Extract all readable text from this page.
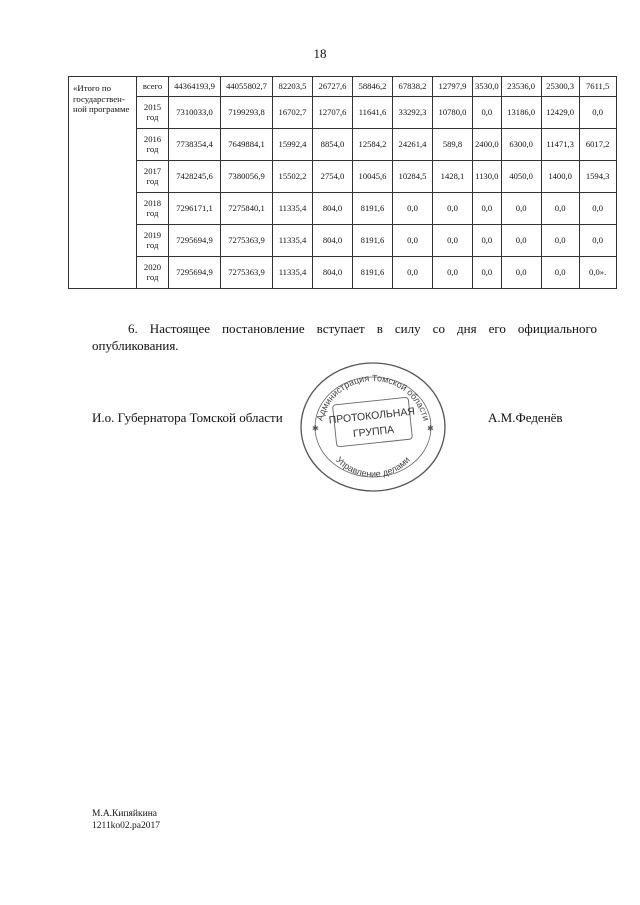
18
«Итого по государствен-ной программе	всего	44364193,9	44055802,7	82203,5	26727,6	58846,2	67838,2	12797,9	3530,0	23536,0	25300,3	7611,5
	2015 год	7310033,0	7199293,8	16702,7	12707,6	11641,6	33292,3	10780,0	0,0	13186,0	12429,0	0,0
	2016 год	7738354,4	7649884,1	15992,4	8854,0	12584,2	24261,4	589,8	2400,0	6300,0	11471,3	6017,2
	2017 год	7428245,6	7380056,9	15502,2	2754,0	10045,6	10284,5	1428,1	1130,0	4050,0	1400,0	1594,3
	2018 год	7296171,1	7275840,1	11335,4	804,0	8191,6	0,0	0,0	0,0	0,0	0,0	0,0
	2019 год	7295694,9	7275363,9	11335,4	804,0	8191,6	0,0	0,0	0,0	0,0	0,0	0,0
	2020 год	7295694,9	7275363,9	11335,4	804,0	8191,6	0,0	0,0	0,0	0,0	0,0	0,0».
6. Настоящее постановление вступает в силу со дня его официального
опубликования.
И.о. Губернатора Томской области	А.М.Феденёв
Администрация Томской области
Управление делами
ПРОТОКОЛЬНАЯ
ГРУППА
✱	✱
М.А.Кипяйкина
1211ko02.pa2017
